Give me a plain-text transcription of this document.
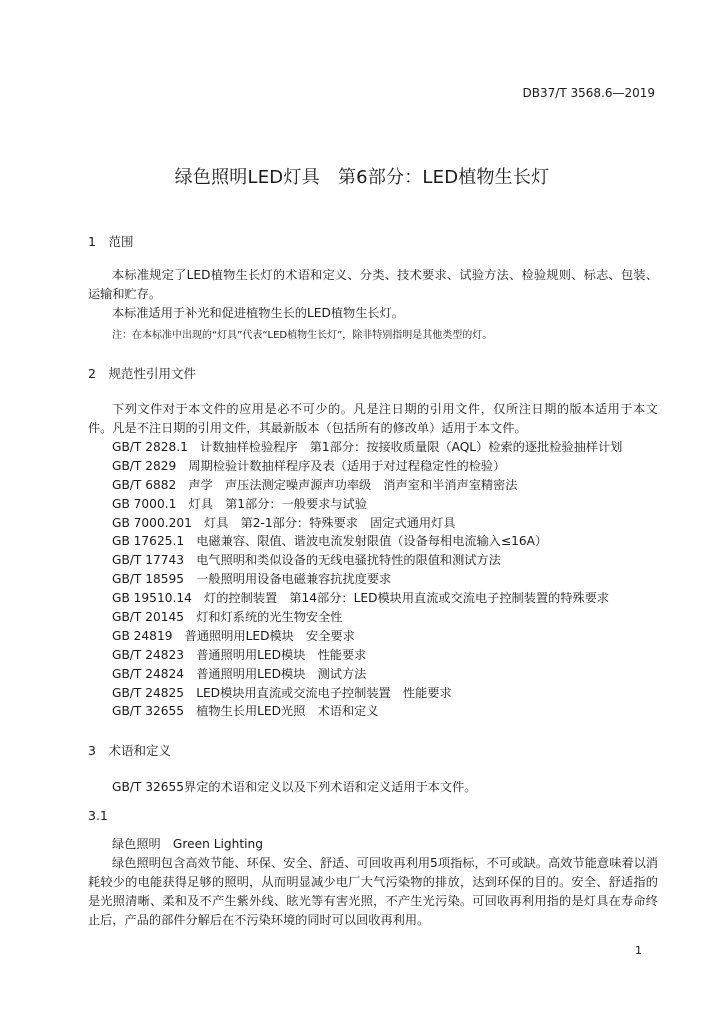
DB37/T 3568.6—2019
绿色照明LED灯具　第6部分：LED植物生长灯
1　范围
本标准规定了LED植物生长灯的术语和定义、分类、技术要求、试验方法、检验规则、标志、包装、运输和贮存。
本标准适用于补光和促进植物生长的LED植物生长灯。
注：在本标准中出现的“灯具”代表“LED植物生长灯”，除非特别指明是其他类型的灯。
2　规范性引用文件
下列文件对于本文件的应用是必不可少的。凡是注日期的引用文件，仅所注日期的版本适用于本文件。凡是不注日期的引用文件，其最新版本（包括所有的修改单）适用于本文件。
GB/T 2828.1　计数抽样检验程序　第1部分：按接收质量限（AQL）检索的逐批检验抽样计划
GB/T 2829　周期检验计数抽样程序及表（适用于对过程稳定性的检验）
GB/T 6882　声学　声压法测定噪声源声功率级　消声室和半消声室精密法
GB 7000.1　灯具　第1部分：一般要求与试验
GB 7000.201　灯具　第2-1部分：特殊要求　固定式通用灯具
GB 17625.1　电磁兼容、限值、谐波电流发射限值（设备每相电流输入≤16A）
GB/T 17743　电气照明和类似设备的无线电骚扰特性的限值和测试方法
GB/T 18595　一般照明用设备电磁兼容抗扰度要求
GB 19510.14　灯的控制装置　第14部分：LED模块用直流或交流电子控制装置的特殊要求
GB/T 20145　灯和灯系统的光生物安全性
GB 24819　普通照明用LED模块　安全要求
GB/T 24823　普通照明用LED模块　性能要求
GB/T 24824　普通照明用LED模块　测试方法
GB/T 24825　LED模块用直流或交流电子控制装置　性能要求
GB/T 32655　植物生长用LED光照　术语和定义
3　术语和定义
GB/T 32655界定的术语和定义以及下列术语和定义适用于本文件。
3.1
绿色照明　Green Lighting
绿色照明包含高效节能、环保、安全、舒适、可回收再利用5项指标，不可或缺。高效节能意味着以消耗较少的电能获得足够的照明，从而明显减少电厂大气污染物的排放，达到环保的目的。安全、舒适指的是光照清晰、柔和及不产生紫外线、眩光等有害光照，不产生光污染。可回收再利用指的是灯具在寿命终止后，产品的部件分解后在不污染环境的同时可以回收再利用。
1
